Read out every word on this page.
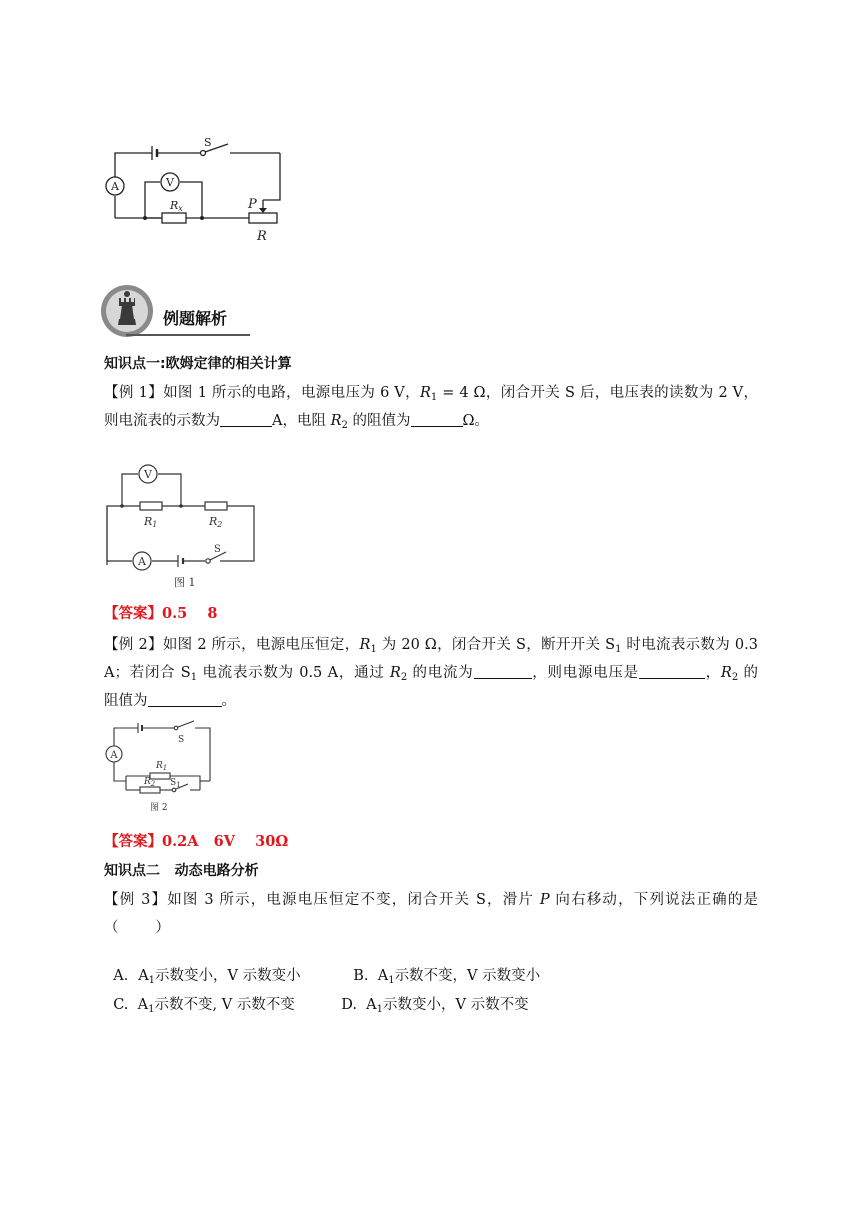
A	V
S
Rx	P
R
例题解析
知识点一:欧姆定律的相关计算
【例 1】如图 1 所示的电路，电源电压为 6 V，$R_1 = 4$ Ω，闭合开关 S 后，电压表的读数为 2 V，
则电流表的示数为	A，电阻 $R_2$ 的阻值为	Ω。
V
A
R1	R2
S
图 1
【答案】0.5    8
【例 2】如图 2 所示，电源电压恒定，$R_1$ 为 20 Ω，闭合开关 S，断开开关 $S_1$ 时电流表示数为 0.3
A；若闭合 $S_1$ 电流表示数为 0.5 A，通过 $R_2$ 的电流为	，则电源电压是	，$R_2$ 的
阻值为	。
A
S
$R_1$
$R_2$ $S_1$
图 2
【答案】0.2A   6V    30Ω
知识点二   动态电路分析
【例 3】如图 3 所示，电源电压恒定不变，闭合开关 S，滑片 P 向右移动，下列说法正确的是
（        ）

A．$A_1$示数变小，V 示数变小	B.  $A_1$示数不变，V 示数变小

C.  $A_1$示数不变, V 示数不变	D.  $A_1$示数变小，V 示数不变
